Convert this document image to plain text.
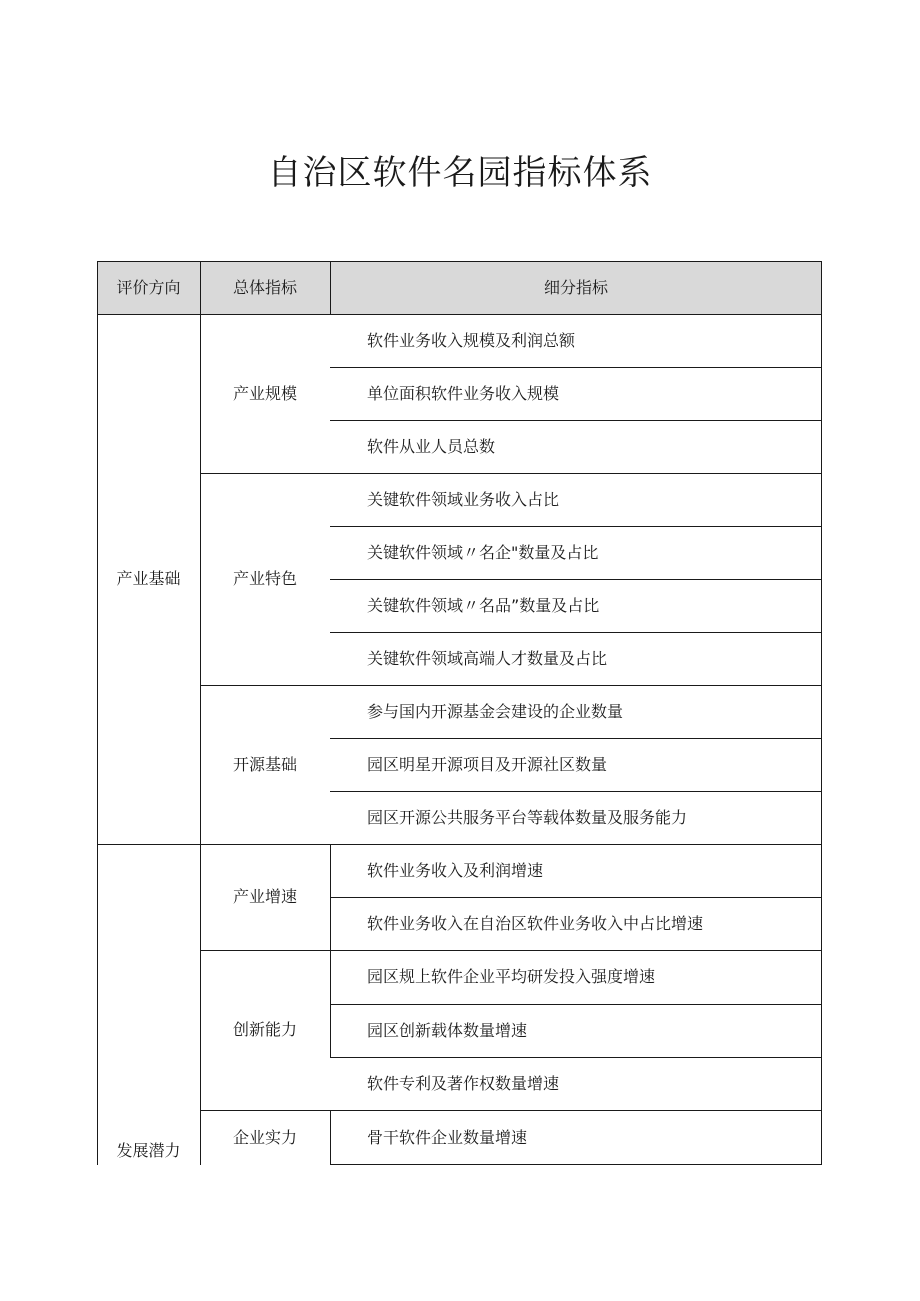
自治区软件名园指标体系
评价方向	总体指标	细分指标
产业基础
发展潜力
产业规模
产业特色
开源基础
产业增速
创新能力
企业实力
软件业务收入规模及利润总额
单位面积软件业务收入规模
软件从业人员总数
关键软件领域业务收入占比
关键软件领域〃名企"数量及占比
关键软件领域〃名品”数量及占比
关键软件领域高端人才数量及占比
参与国内开源基金会建设的企业数量
园区明星开源项目及开源社区数量
园区开源公共服务平台等载体数量及服务能力
软件业务收入及利润增速
软件业务收入在自治区软件业务收入中占比增速
园区规上软件企业平均研发投入强度增速
园区创新载体数量增速
软件专利及著作权数量增速
骨干软件企业数量增速
